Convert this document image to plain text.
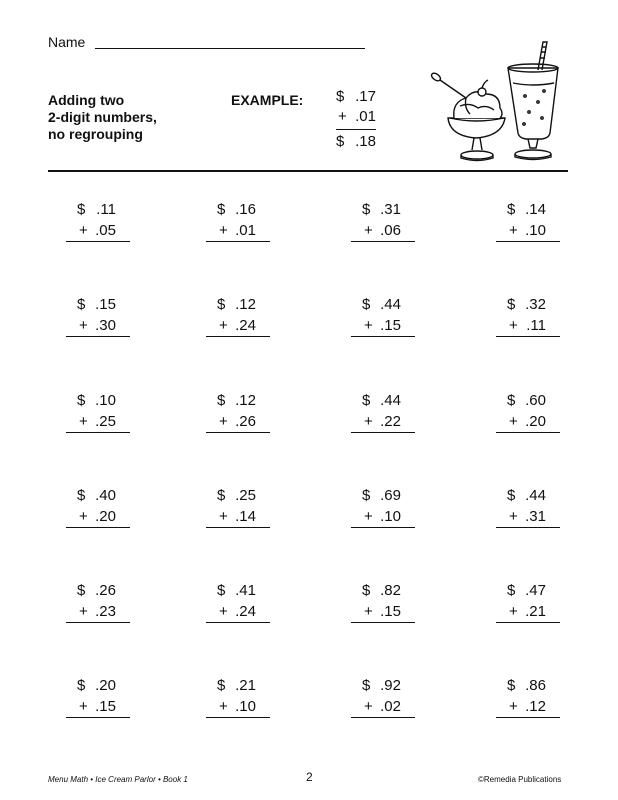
Name
Adding two
2-digit numbers,
no regrouping
EXAMPLE: $ .17
+ .01
$ .18
$ .11
+ .05
$ .16
+ .01
$ .31
+ .06
$ .14
+ .10
$ .15
+ .30
$ .12
+ .24
$ .44
+ .15
$ .32
+ .11
$ .10
+ .25
$ .12
+ .26
$ .44
+ .22
$ .60
+ .20
$ .40
+ .20
$ .25
+ .14
$ .69
+ .10
$ .44
+ .31
$ .26
+ .23
$ .41
+ .24
$ .82
+ .15
$ .47
+ .21
$ .20
+ .15
$ .21
+ .10
$ .92
+ .02
$ .86
+ .12
Menu Math • Ice Cream Parlor • Book 1	2	©Remedia Publications
